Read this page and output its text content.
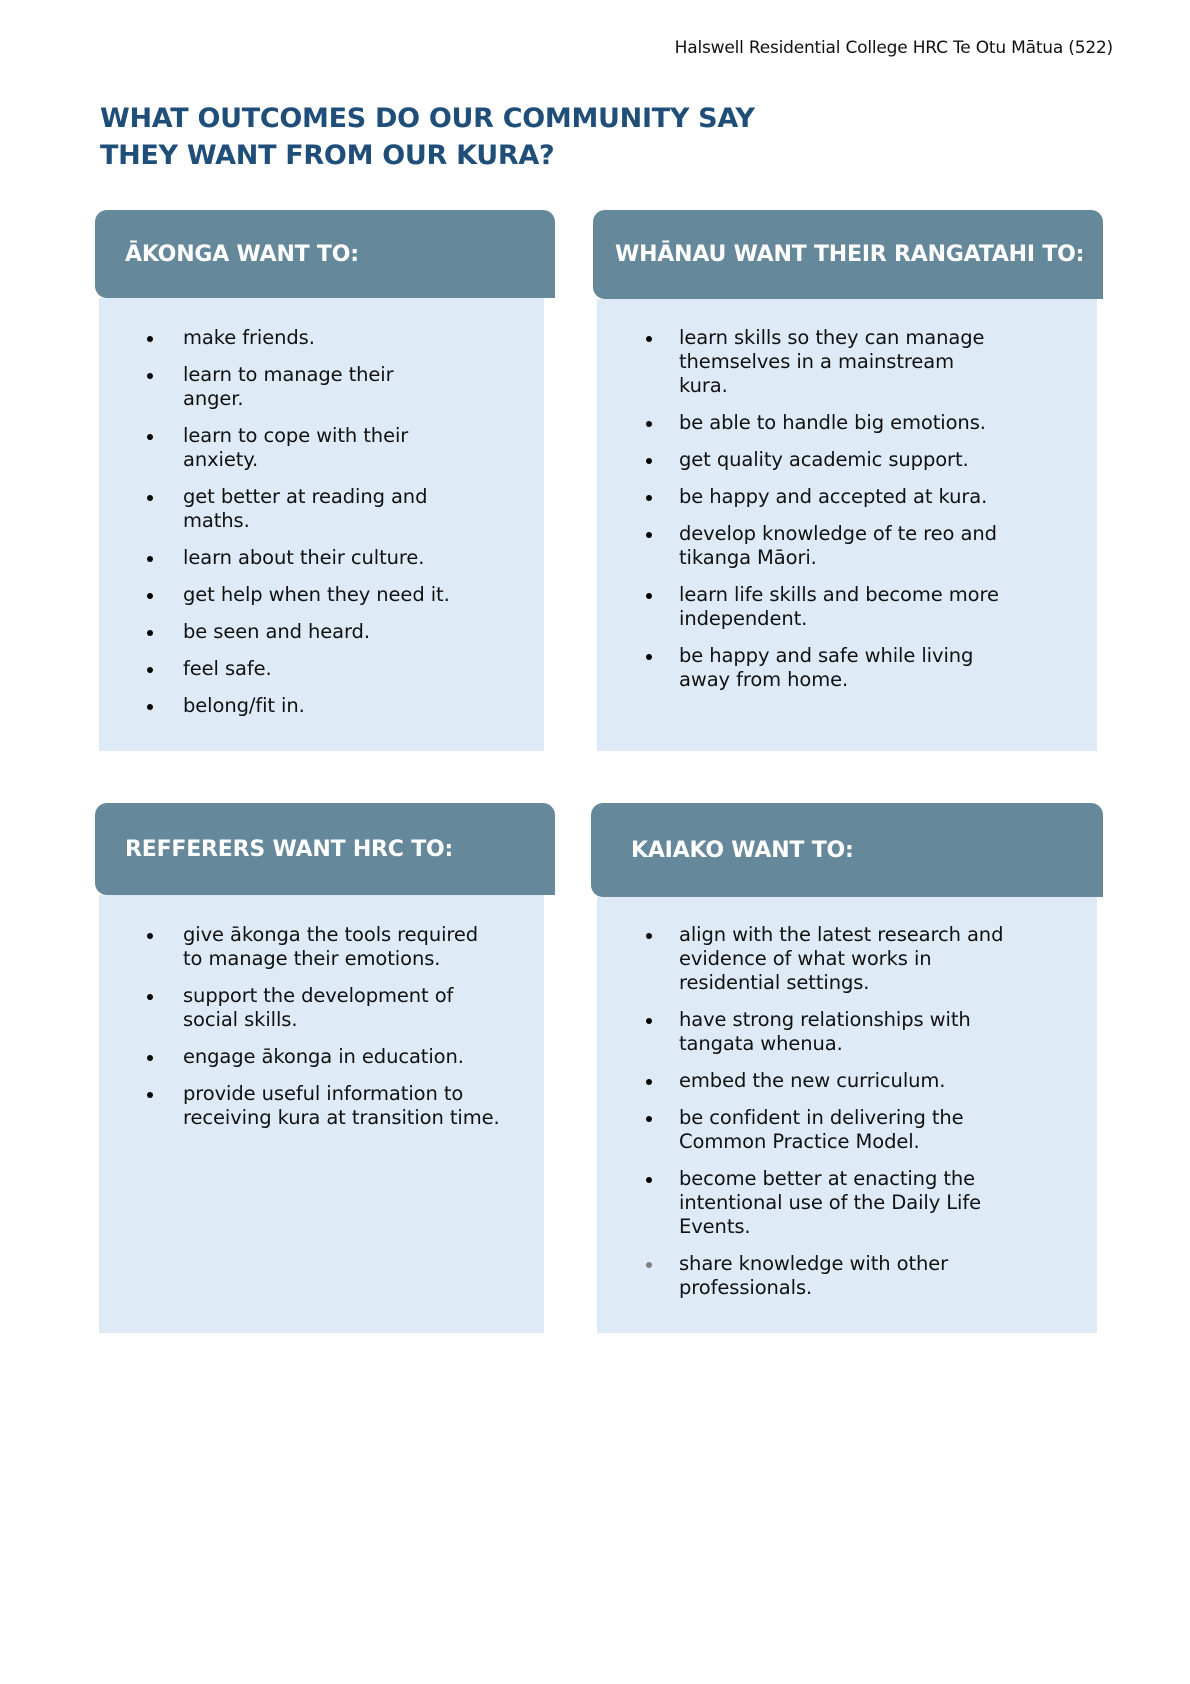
Halswell Residential College HRC Te Otu Mātua (522)
WHAT OUTCOMES DO OUR COMMUNITY SAY
THEY WANT FROM OUR KURA?
ĀKONGA WANT TO:
make friends.
learn to manage their
anger.
learn to cope with their
anxiety.
get better at reading and
maths.
learn about their culture.
get help when they need it.
be seen and heard.
feel safe.
belong/fit in.
WHĀNAU WANT THEIR RANGATAHI TO:
learn skills so they can manage
themselves in a mainstream
kura.
be able to handle big emotions.
get quality academic support.
be happy and accepted at kura.
develop knowledge of te reo and
tikanga Māori.
learn life skills and become more
independent.
be happy and safe while living
away from home.
REFFERERS WANT HRC TO:
give ākonga the tools required
to manage their emotions.
support the development of
social skills.
engage ākonga in education.
provide useful information to
receiving kura at transition time.
KAIAKO WANT TO:
align with the latest research and
evidence of what works in
residential settings.
have strong relationships with
tangata whenua.
embed the new curriculum.
be confident in delivering the
Common Practice Model.
become better at enacting the
intentional use of the Daily Life
Events.
share knowledge with other
professionals.
